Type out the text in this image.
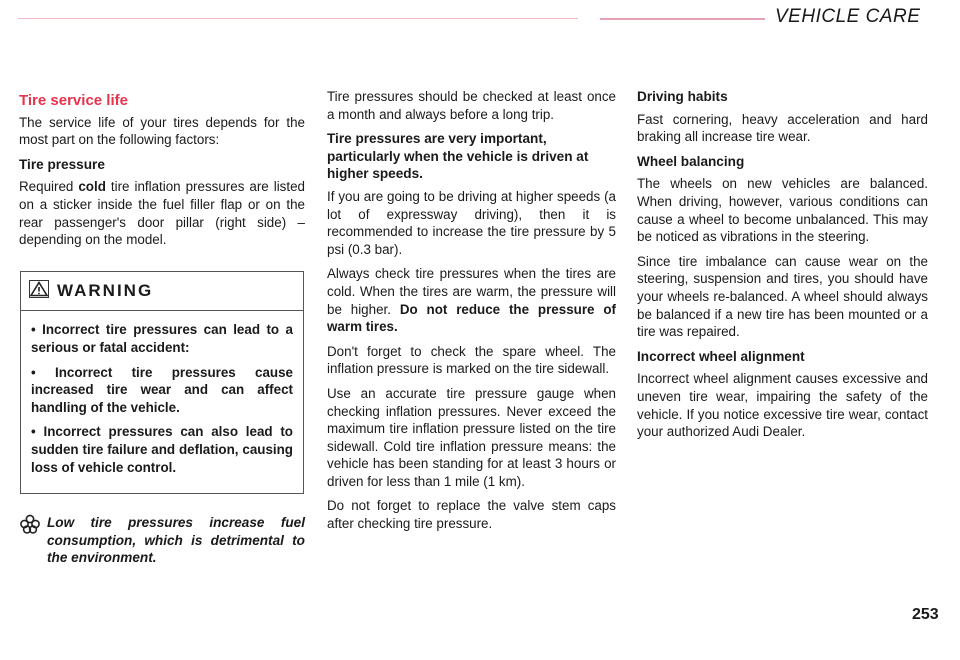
VEHICLE CARE
Tire service life

The service life of your tires depends for the most part on the following factors:

Tire pressure

Required cold tire inflation pressures are listed on a sticker inside the fuel filler flap or on the rear passenger's door pillar (right side) – depending on the model.

WARNING

• Incorrect tire pressures can lead to a serious or fatal accident:

• Incorrect tire pressures cause increased tire wear and can affect handling of the vehicle.

• Incorrect pressures can also lead to sudden tire failure and deflation, causing loss of vehicle control.

Low tire pressures increase fuel consumption, which is detrimental to the environment.

Tire pressures should be checked at least once a month and always before a long trip.

Tire pressures are very important, particularly when the vehicle is driven at higher speeds.

If you are going to be driving at higher speeds (a lot of expressway driving), then it is recommended to increase the tire pressure by 5 psi (0.3 bar).

Always check tire pressures when the tires are cold. When the tires are warm, the pressure will be higher. Do not reduce the pressure of warm tires.

Don't forget to check the spare wheel. The inflation pressure is marked on the tire sidewall.

Use an accurate tire pressure gauge when checking inflation pressures. Never exceed the maximum tire inflation pressure listed on the tire sidewall. Cold tire inflation pressure means: the vehicle has been standing for at least 3 hours or driven for less than 1 mile (1 km).

Do not forget to replace the valve stem caps after checking tire pressure.

Driving habits

Fast cornering, heavy acceleration and hard braking all increase tire wear.

Wheel balancing

The wheels on new vehicles are balanced. When driving, however, various conditions can cause a wheel to become unbalanced. This may be noticed as vibrations in the steering.

Since tire imbalance can cause wear on the steering, suspension and tires, you should have your wheels re-balanced. A wheel should always be balanced if a new tire has been mounted or a tire was repaired.

Incorrect wheel alignment

Incorrect wheel alignment causes excessive and uneven tire wear, impairing the safety of the vehicle. If you notice excessive tire wear, contact your authorized Audi Dealer.

253
